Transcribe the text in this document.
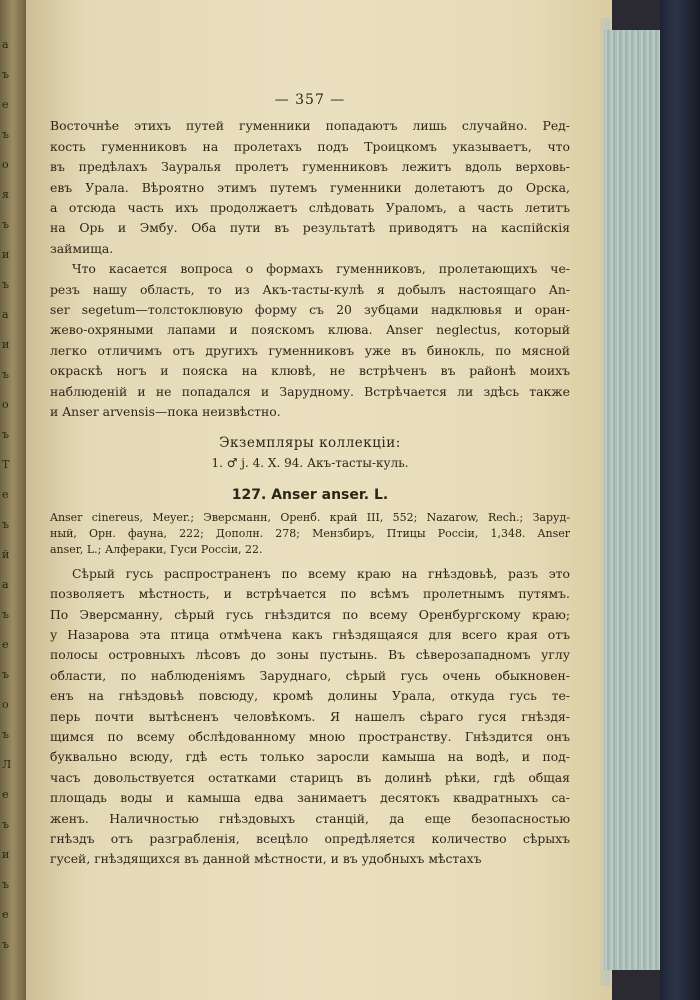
а
ъ
е
ъ
о
я
ъ
и
ъ
а
и
ъ
о
ъ
Т
е
ъ
й
а
ъ
е
ъ
о
ъ
Л
е
ъ
и
ъ
е
ъ
— 357 —
Восточнѣе этихъ путей гуменники попадаютъ лишь случайно. Ред-
кость гуменниковъ на пролетахъ подъ Троицкомъ указываетъ, что
въ предѣлахъ Зауралья пролетъ гуменниковъ лежитъ вдоль верховь-
евъ Урала. Вѣроятно этимъ путемъ гуменники долетаютъ до Орска,
а отсюда часть ихъ продолжаетъ слѣдовать Ураломъ, а часть летитъ
на Орь и Эмбу. Оба пути въ результатѣ приводятъ на каспійскія
займища.
Что касается вопроса о формахъ гуменниковъ, пролетающихъ че-
резъ нашу область, то из Акъ-тасты-кулѣ я добылъ настоящаго An-
ser segetum—толстоклювую форму съ 20 зубцами надклювья и оран-
жево-охряными лапами и пояскомъ клюва. Anser neglectus, который
легко отличимъ отъ другихъ гуменниковъ уже въ бинокль, по мясной
окраскѣ ногъ и пояска на клювѣ, не встрѣченъ въ районѣ моихъ
наблюденій и не попадался и Зарудному. Встрѣчается ли здѣсь также
и Anser arvensis—пока неизвѣстно.
Экземпляры коллекціи:
1. ♂ j. 4. X. 94. Акъ-тасты-куль.
127. Anser anser. L.
Anser cinereus, Meyer.; Эверсманн, Оренб. край III, 552; Nazarow, Rech.; Заруд-
ный, Орн. фауна, 222; Дополн. 278; Мензбиръ, Птицы Россіи, 1,348. Anser
anser, L.; Алфераки, Гуси Россіи, 22.
Сѣрый гусь распространенъ по всему краю на гнѣздовьѣ, разъ это
позволяетъ мѣстность, и встрѣчается по всѣмъ пролетнымъ путямъ.
По Эверсманну, сѣрый гусь гнѣздится по всему Оренбургскому краю;
у Назарова эта птица отмѣчена какъ гнѣздящаяся для всего края отъ
полосы островныхъ лѣсовъ до зоны пустынь. Въ сѣверозападномъ углу
области, по наблюденіямъ Заруднаго, сѣрый гусь очень обыкновен-
енъ на гнѣздовьѣ повсюду, кромѣ долины Урала, откуда гусь те-
перь почти вытѣсненъ человѣкомъ. Я нашелъ сѣраго гуся гнѣздя-
щимся по всему обслѣдованному мною пространству. Гнѣздится онъ
буквально всюду, гдѣ есть только заросли камыша на водѣ, и под-
часъ довольствуется остатками старицъ въ долинѣ рѣки, гдѣ общая
площадь воды и камыша едва занимаетъ десятокъ квадратныхъ са-
женъ. Наличностью гнѣздовыхъ станцій, да еще безопасностью
гнѣздъ отъ разграбленія, всецѣло опредѣляется количество сѣрыхъ
гусей, гнѣздящихся въ данной мѣстности, и въ удобныхъ мѣстахъ
